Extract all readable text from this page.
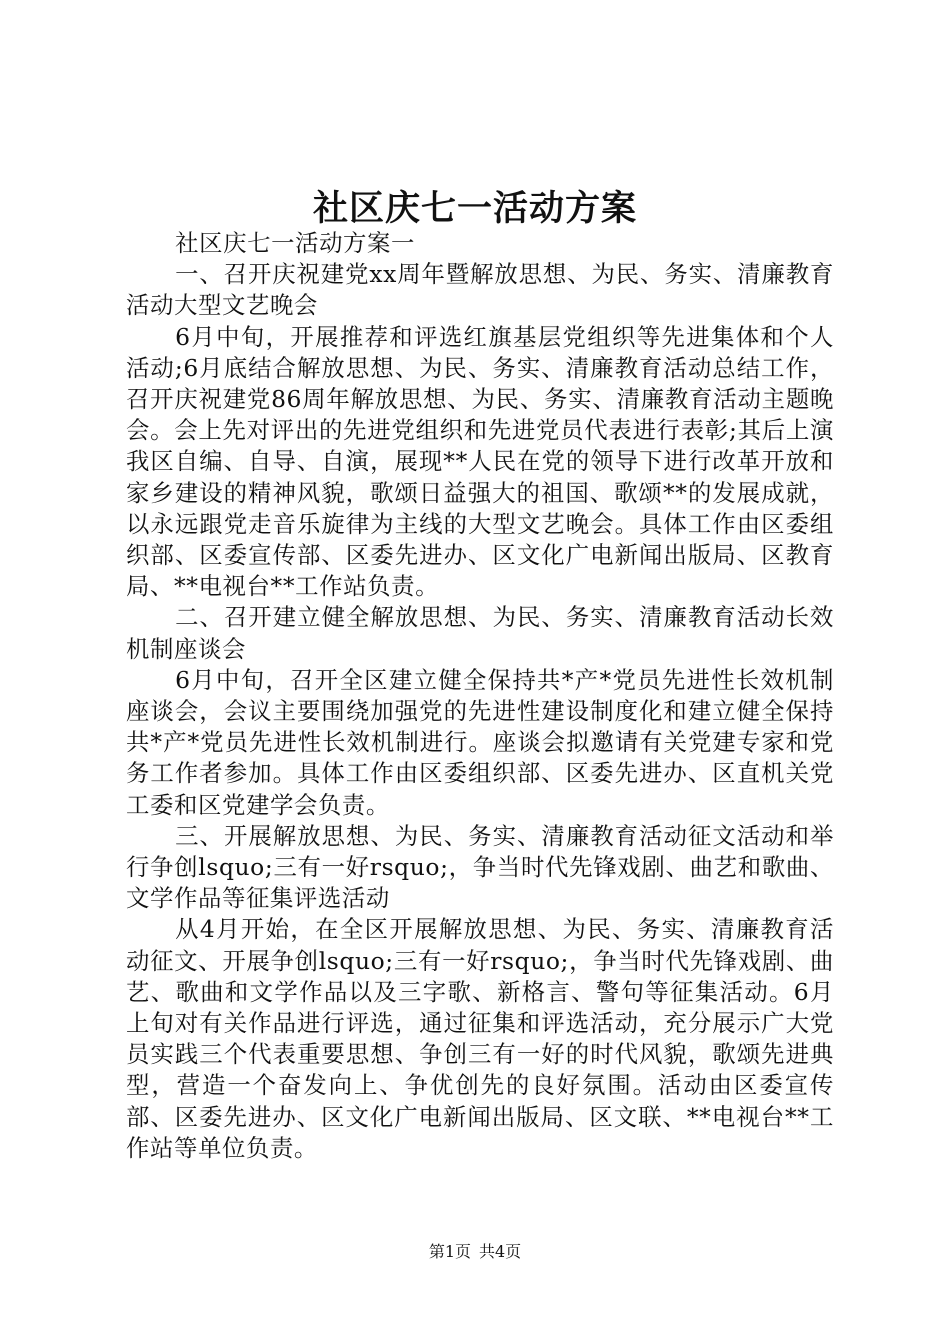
社区庆七一活动方案

社区庆七一活动方案一

一、召开庆祝建党xx周年暨解放思想、为民、务实、清廉教育活动大型文艺晚会

6月中旬，开展推荐和评选红旗基层党组织等先进集体和个人活动;6月底结合解放思想、为民、务实、清廉教育活动总结工作，召开庆祝建党86周年解放思想、为民、务实、清廉教育活动主题晚会。会上先对评出的先进党组织和先进党员代表进行表彰;其后上演我区自编、自导、自演，展现**人民在党的领导下进行改革开放和家乡建设的精神风貌，歌颂日益强大的祖国、歌颂**的发展成就，以永远跟党走音乐旋律为主线的大型文艺晚会。具体工作由区委组织部、区委宣传部、区委先进办、区文化广电新闻出版局、区教育局、**电视台**工作站负责。

二、召开建立健全解放思想、为民、务实、清廉教育活动长效机制座谈会

6月中旬，召开全区建立健全保持共*产*党员先进性长效机制座谈会，会议主要围绕加强党的先进性建设制度化和建立健全保持共*产*党员先进性长效机制进行。座谈会拟邀请有关党建专家和党务工作者参加。具体工作由区委组织部、区委先进办、区直机关党工委和区党建学会负责。

三、开展解放思想、为民、务实、清廉教育活动征文活动和举行争创lsquo;三有一好rsquo;，争当时代先锋戏剧、曲艺和歌曲、文学作品等征集评选活动

从4月开始，在全区开展解放思想、为民、务实、清廉教育活动征文、开展争创lsquo;三有一好rsquo;，争当时代先锋戏剧、曲艺、歌曲和文学作品以及三字歌、新格言、警句等征集活动。6月上旬对有关作品进行评选，通过征集和评选活动，充分展示广大党员实践三个代表重要思想、争创三有一好的时代风貌，歌颂先进典型，营造一个奋发向上、争优创先的良好氛围。活动由区委宣传部、区委先进办、区文化广电新闻出版局、区文联、**电视台**工作站等单位负责。

第1页 共4页
